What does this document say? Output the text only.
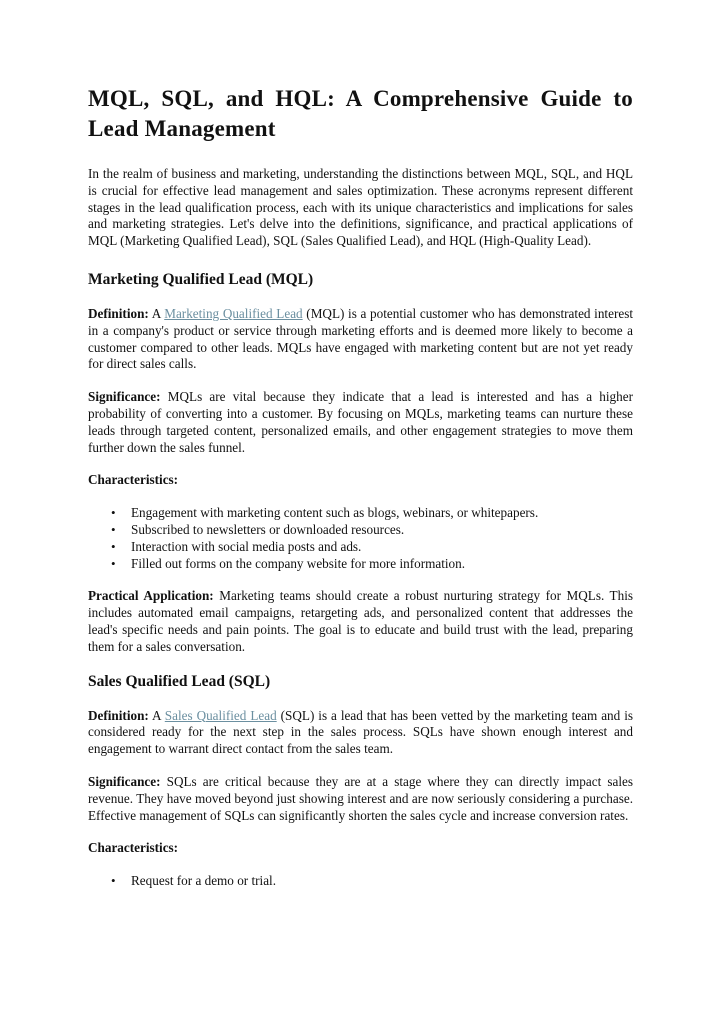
MQL, SQL, and HQL: A Comprehensive Guide to Lead Management

In the realm of business and marketing, understanding the distinctions between MQL, SQL, and HQL is crucial for effective lead management and sales optimization. These acronyms represent different stages in the lead qualification process, each with its unique characteristics and implications for sales and marketing strategies. Let's delve into the definitions, significance, and practical applications of MQL (Marketing Qualified Lead), SQL (Sales Qualified Lead), and HQL (High-Quality Lead).

Marketing Qualified Lead (MQL)

Definition: A Marketing Qualified Lead (MQL) is a potential customer who has demonstrated interest in a company's product or service through marketing efforts and is deemed more likely to become a customer compared to other leads. MQLs have engaged with marketing content but are not yet ready for direct sales calls.

Significance: MQLs are vital because they indicate that a lead is interested and has a higher probability of converting into a customer. By focusing on MQLs, marketing teams can nurture these leads through targeted content, personalized emails, and other engagement strategies to move them further down the sales funnel.

Characteristics:

• Engagement with marketing content such as blogs, webinars, or whitepapers.
• Subscribed to newsletters or downloaded resources.
• Interaction with social media posts and ads.
• Filled out forms on the company website for more information.

Practical Application: Marketing teams should create a robust nurturing strategy for MQLs. This includes automated email campaigns, retargeting ads, and personalized content that addresses the lead's specific needs and pain points. The goal is to educate and build trust with the lead, preparing them for a sales conversation.

Sales Qualified Lead (SQL)

Definition: A Sales Qualified Lead (SQL) is a lead that has been vetted by the marketing team and is considered ready for the next step in the sales process. SQLs have shown enough interest and engagement to warrant direct contact from the sales team.

Significance: SQLs are critical because they are at a stage where they can directly impact sales revenue. They have moved beyond just showing interest and are now seriously considering a purchase. Effective management of SQLs can significantly shorten the sales cycle and increase conversion rates.

Characteristics:

• Request for a demo or trial.
